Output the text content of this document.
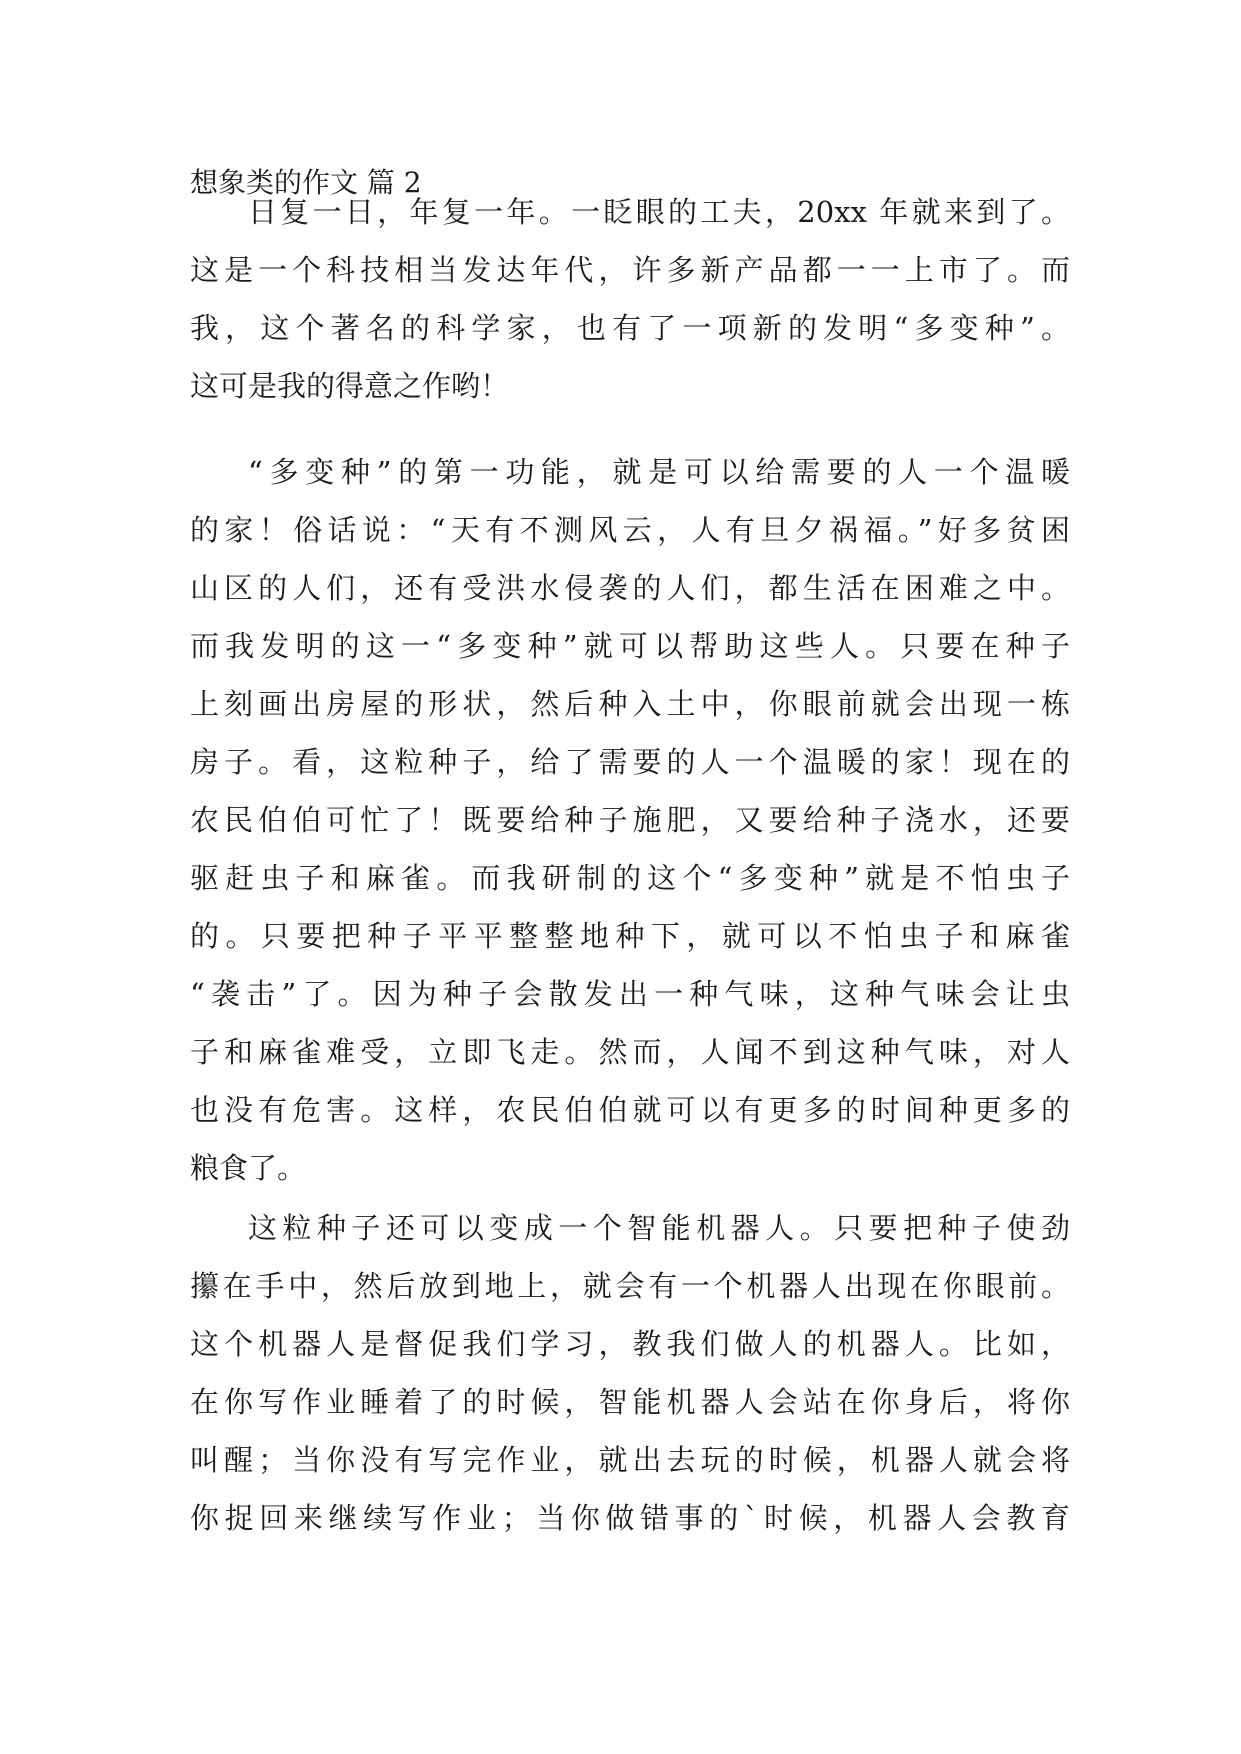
想象类的作文 篇 2
日复一日，年复一年。一眨眼的工夫，20xx 年就来到了。
这是一个科技相当发达年代，许多新产品都一一上市了。而
我，这个著名的科学家，也有了一项新的发明“多变种”。
这可是我的得意之作哟！
“多变种”的第一功能，就是可以给需要的人一个温暖
的家！俗话说：“天有不测风云，人有旦夕祸福。”好多贫困
山区的人们，还有受洪水侵袭的人们，都生活在困难之中。
而我发明的这一“多变种”就可以帮助这些人。只要在种子
上刻画出房屋的形状，然后种入土中，你眼前就会出现一栋
房子。看，这粒种子，给了需要的人一个温暖的家！现在的
农民伯伯可忙了！既要给种子施肥，又要给种子浇水，还要
驱赶虫子和麻雀。而我研制的这个“多变种”就是不怕虫子
的。只要把种子平平整整地种下，就可以不怕虫子和麻雀
“袭击”了。因为种子会散发出一种气味，这种气味会让虫
子和麻雀难受，立即飞走。然而，人闻不到这种气味，对人
也没有危害。这样，农民伯伯就可以有更多的时间种更多的
粮食了。
这粒种子还可以变成一个智能机器人。只要把种子使劲
攥在手中，然后放到地上，就会有一个机器人出现在你眼前。
这个机器人是督促我们学习，教我们做人的机器人。比如，
在你写作业睡着了的时候，智能机器人会站在你身后，将你
叫醒；当你没有写完作业，就出去玩的时候，机器人就会将
你捉回来继续写作业；当你做错事的`时候，机器人会教育
